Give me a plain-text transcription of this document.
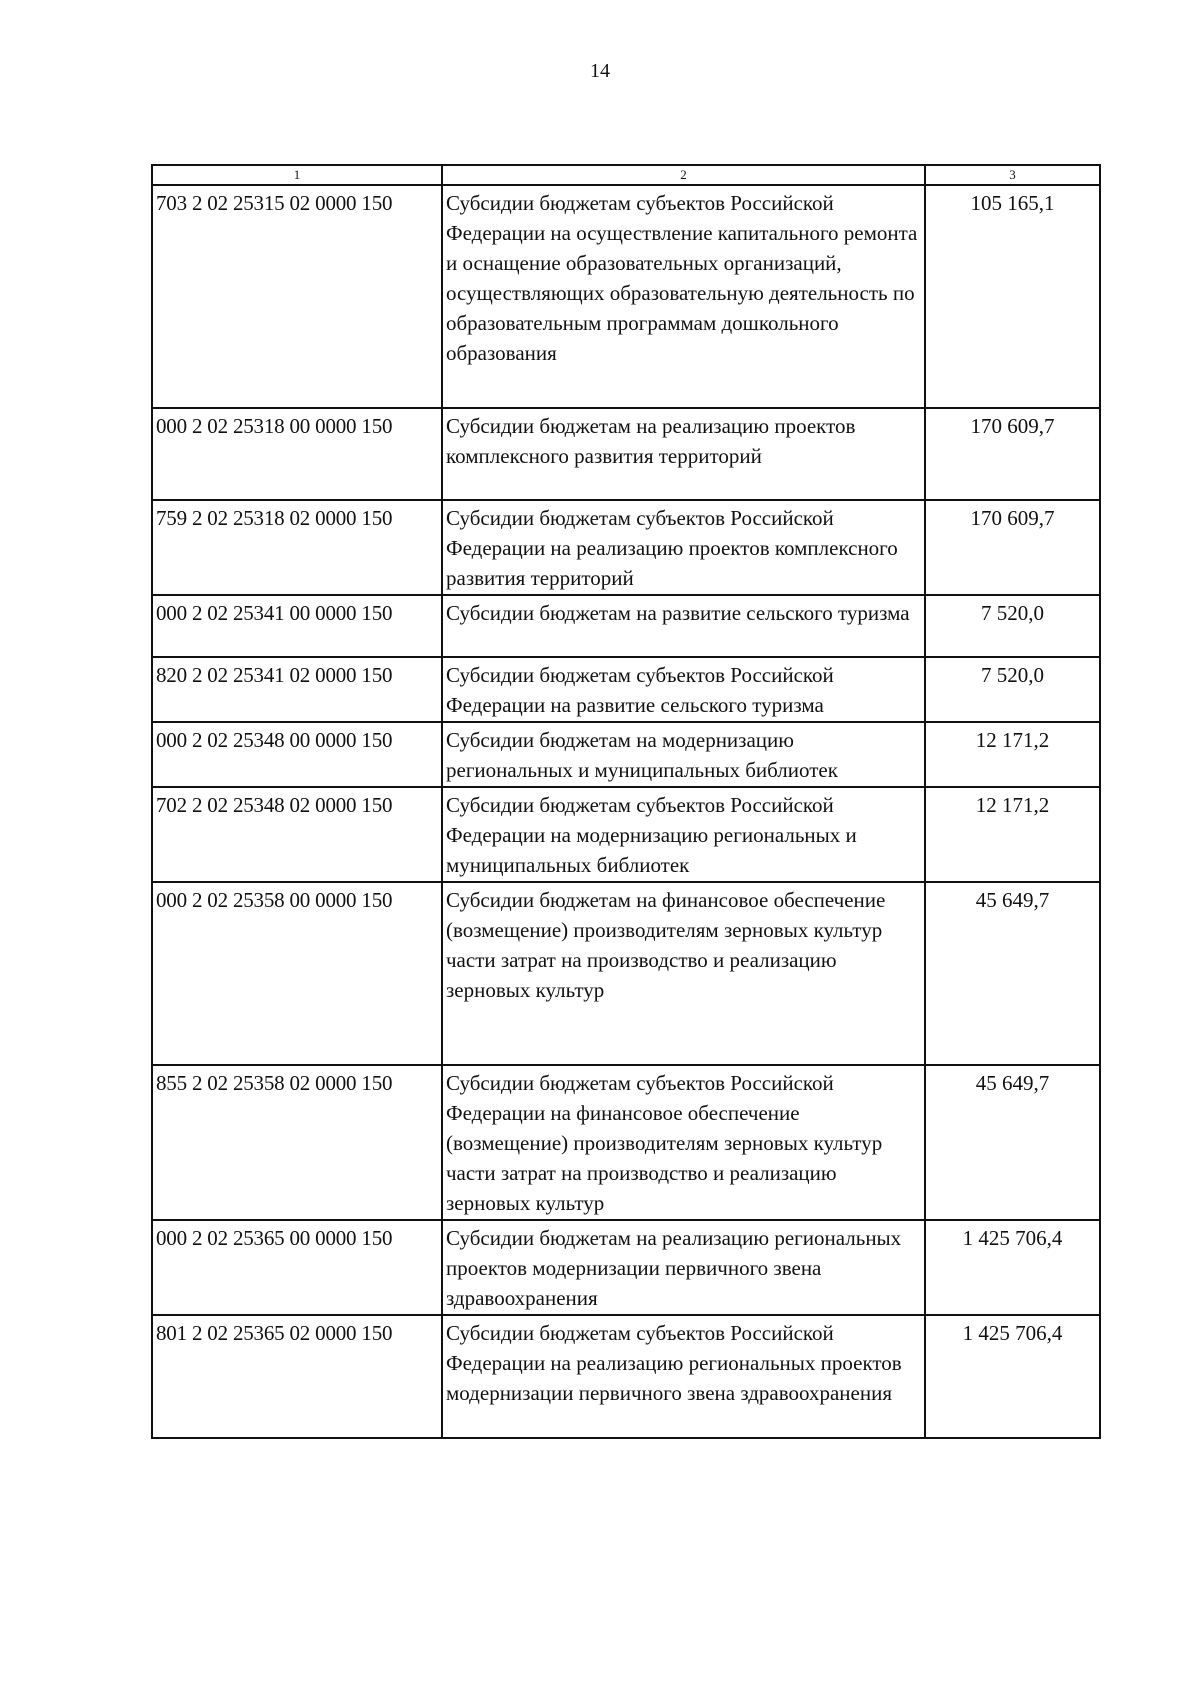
14
1	2	3
703 2 02 25315 02 0000 150	Субсидии бюджетам субъектов Российской Федерации на осуществление капитального ремонта и оснащение образовательных организаций, осуществляющих образовательную деятельность по образовательным программам дошкольного образования	105 165,1
000 2 02 25318 00 0000 150	Субсидии бюджетам на реализацию проектов комплексного развития территорий	170 609,7
759 2 02 25318 02 0000 150	Субсидии бюджетам субъектов Российской Федерации на реализацию проектов комплексного развития территорий	170 609,7
000 2 02 25341 00 0000 150	Субсидии бюджетам на развитие сельского туризма	7 520,0
820 2 02 25341 02 0000 150	Субсидии бюджетам субъектов Российской Федерации на развитие сельского туризма	7 520,0
000 2 02 25348 00 0000 150	Субсидии бюджетам на модернизацию региональных и муниципальных библиотек	12 171,2
702 2 02 25348 02 0000 150	Субсидии бюджетам субъектов Российской Федерации на модернизацию региональных и муниципальных библиотек	12 171,2
000 2 02 25358 00 0000 150	Субсидии бюджетам на финансовое обеспечение (возмещение) производителям зерновых культур части затрат на производство и реализацию зерновых культур	45 649,7
855 2 02 25358 02 0000 150	Субсидии бюджетам субъектов Российской Федерации на финансовое обеспечение (возмещение) производителям зерновых культур части затрат на производство и реализацию зерновых культур	45 649,7
000 2 02 25365 00 0000 150	Субсидии бюджетам на реализацию региональных проектов модернизации первичного звена здравоохранения	1 425 706,4
801 2 02 25365 02 0000 150	Субсидии бюджетам субъектов Российской Федерации на реализацию региональных проектов модернизации первичного звена здравоохранения	1 425 706,4
